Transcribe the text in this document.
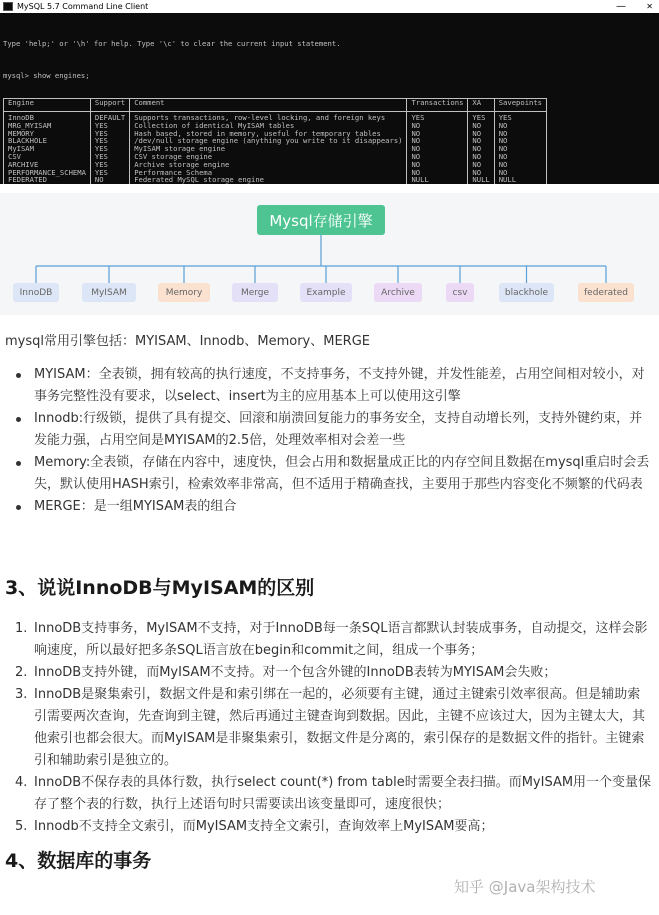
MySQL 5.7 Command Line Client	—	✕

Type 'help;' or '\h' for help. Type '\c' to clear the current input statement.

mysql> show engines;

Engine	Support	Comment	Transactions	XA	Savepoints
InnoDB	DEFAULT	Supports transactions, row-level locking, and foreign keys	YES	YES	YES
MRG_MYISAM	YES	Collection of identical MyISAM tables	NO	NO	NO
MEMORY	YES	Hash based, stored in memory, useful for temporary tables	NO	NO	NO
BLACKHOLE	YES	/dev/null storage engine (anything you write to it disappears)	NO	NO	NO
MyISAM	YES	MyISAM storage engine	NO	NO	NO
CSV	YES	CSV storage engine	NO	NO	NO
ARCHIVE	YES	Archive storage engine	NO	NO	NO
PERFORMANCE_SCHEMA	YES	Performance Schema	NO	NO	NO
FEDERATED	NO	Federated MySQL storage engine	NULL	NULL	NULL

Mysql存储引擎
InnoDB	MyISAM	Memory	Merge	Example	Archive	csv	blackhole	federated

mysql常用引擎包括：MYISAM、Innodb、Memory、MERGE

MYISAM：全表锁，拥有较高的执行速度，不支持事务，不支持外键，并发性能差，占用空间相对较小，对事务完整性没有要求，以select、insert为主的应用基本上可以使用这引擎
Innodb:行级锁，提供了具有提交、回滚和崩溃回复能力的事务安全，支持自动增长列，支持外键约束，并发能力强，占用空间是MYISAM的2.5倍，处理效率相对会差一些
Memory:全表锁，存储在内容中，速度快，但会占用和数据量成正比的内存空间且数据在mysql重启时会丢失，默认使用HASH索引，检索效率非常高，但不适用于精确查找，主要用于那些内容变化不频繁的代码表
MERGE：是一组MYISAM表的组合
3、说说InnoDB与MyISAM的区别
1. InnoDB支持事务，MyISAM不支持，对于InnoDB每一条SQL语言都默认封装成事务，自动提交，这样会影响速度，所以最好把多条SQL语言放在begin和commit之间，组成一个事务；
2. InnoDB支持外键，而MyISAM不支持。对一个包含外键的InnoDB表转为MYISAM会失败；
3. InnoDB是聚集索引，数据文件是和索引绑在一起的，必须要有主键，通过主键索引效率很高。但是辅助索引需要两次查询，先查询到主键，然后再通过主键查询到数据。因此，主键不应该过大，因为主键太大，其他索引也都会很大。而MyISAM是非聚集索引，数据文件是分离的，索引保存的是数据文件的指针。主键索引和辅助索引是独立的。
4. InnoDB不保存表的具体行数，执行select count(*) from table时需要全表扫描。而MyISAM用一个变量保存了整个表的行数，执行上述语句时只需要读出该变量即可，速度很快；
5. Innodb不支持全文索引，而MyISAM支持全文索引，查询效率上MyISAM要高；
4、数据库的事务
知乎 @Java架构技术
